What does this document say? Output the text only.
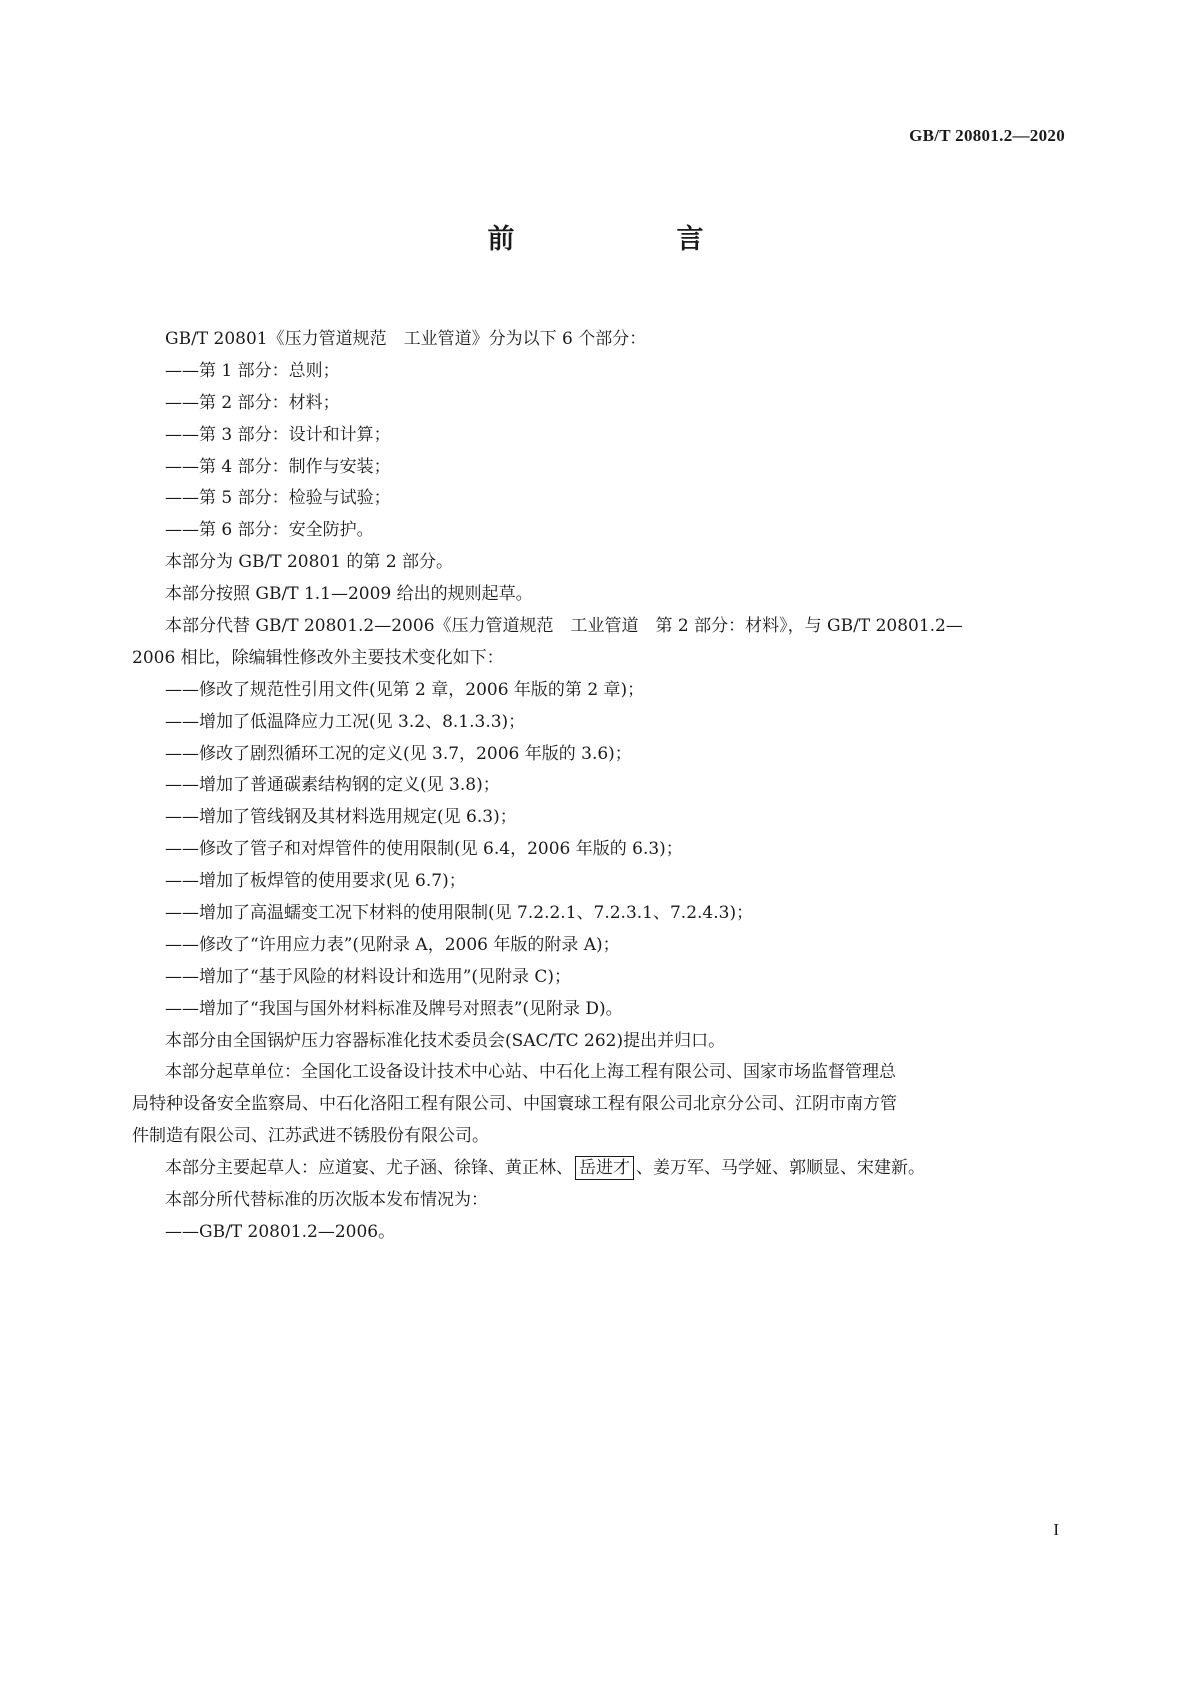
GB/T 20801.2—2020
前　　言
GB/T 20801《压力管道规范　工业管道》分为以下 6 个部分：
——第 1 部分：总则；
——第 2 部分：材料；
——第 3 部分：设计和计算；
——第 4 部分：制作与安装；
——第 5 部分：检验与试验；
——第 6 部分：安全防护。
本部分为 GB/T 20801 的第 2 部分。
本部分按照 GB/T 1.1—2009 给出的规则起草。
本部分代替 GB/T 20801.2—2006《压力管道规范　工业管道　第 2 部分：材料》，与 GB/T 20801.2—
2006 相比，除编辑性修改外主要技术变化如下：
——修改了规范性引用文件(见第 2 章，2006 年版的第 2 章)；
——增加了低温降应力工况(见 3.2、8.1.3.3)；
——修改了剧烈循环工况的定义(见 3.7，2006 年版的 3.6)；
——增加了普通碳素结构钢的定义(见 3.8)；
——增加了管线钢及其材料选用规定(见 6.3)；
——修改了管子和对焊管件的使用限制(见 6.4，2006 年版的 6.3)；
——增加了板焊管的使用要求(见 6.7)；
——增加了高温蠕变工况下材料的使用限制(见 7.2.2.1、7.2.3.1、7.2.4.3)；
——修改了“许用应力表”(见附录 A，2006 年版的附录 A)；
——增加了“基于风险的材料设计和选用”(见附录 C)；
——增加了“我国与国外材料标准及牌号对照表”(见附录 D)。
本部分由全国锅炉压力容器标准化技术委员会(SAC/TC 262)提出并归口。
本部分起草单位：全国化工设备设计技术中心站、中石化上海工程有限公司、国家市场监督管理总
局特种设备安全监察局、中石化洛阳工程有限公司、中国寰球工程有限公司北京分公司、江阴市南方管
件制造有限公司、江苏武进不锈股份有限公司。
本部分主要起草人：应道宴、尤子涵、徐锋、黄正林、 岳进才 、姜万军、马学娅、郭顺显、宋建新。
本部分所代替标准的历次版本发布情况为：
——GB/T 20801.2—2006。
I
